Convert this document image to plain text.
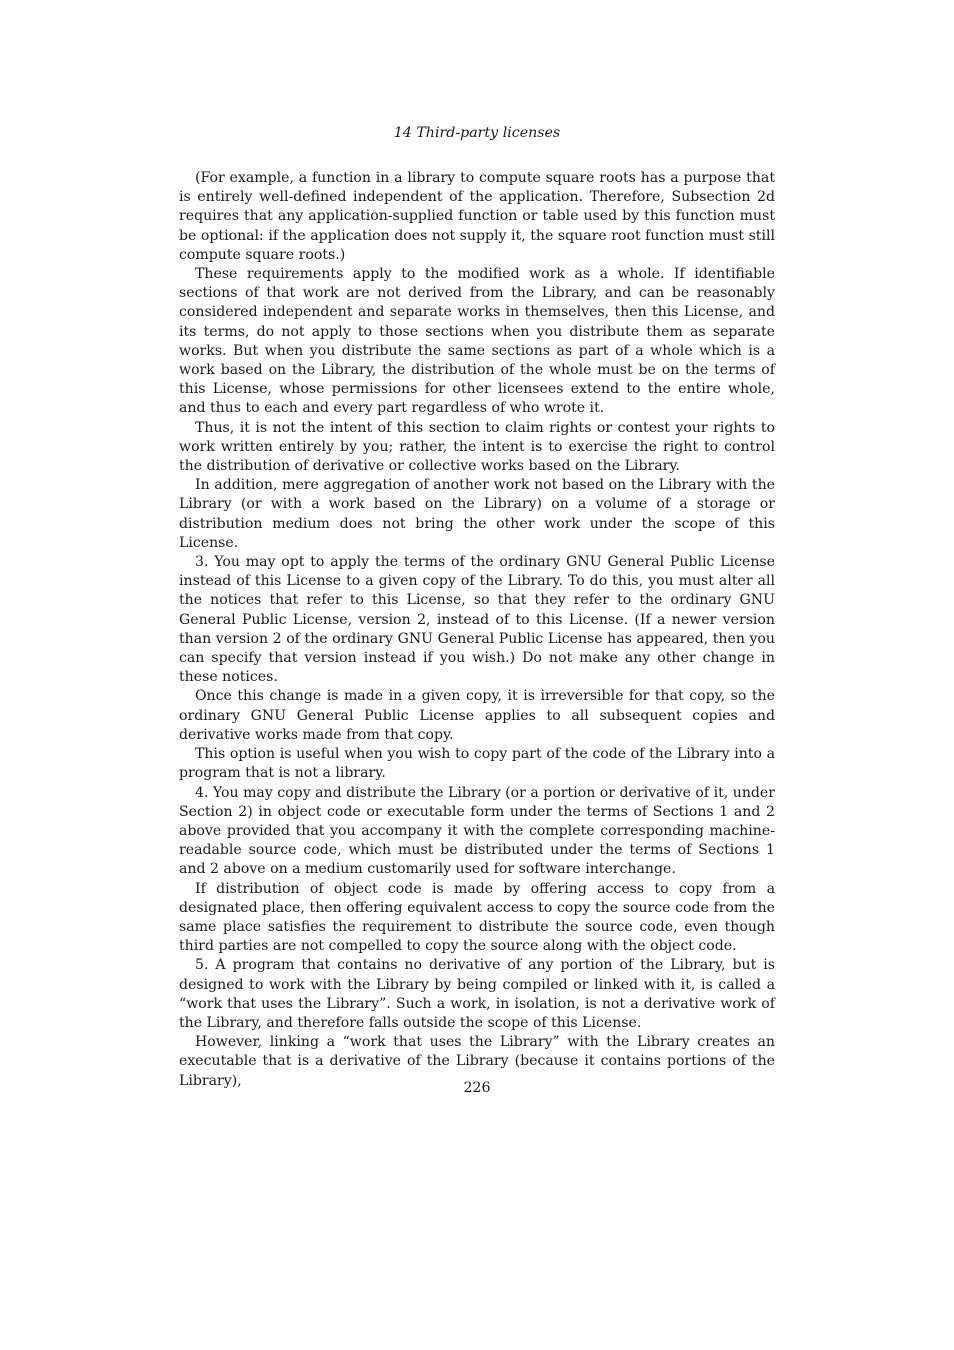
14 Third-party licenses

(For example, a function in a library to compute square roots has a purpose that is entirely well-defined independent of the application. Therefore, Subsection 2d requires that any application-supplied function or table used by this function must be optional: if the application does not supply it, the square root function must still compute square roots.)

These requirements apply to the modified work as a whole. If identifiable sections of that work are not derived from the Library, and can be reasonably considered independent and separate works in themselves, then this License, and its terms, do not apply to those sections when you distribute them as separate works. But when you distribute the same sections as part of a whole which is a work based on the Library, the distribution of the whole must be on the terms of this License, whose permissions for other licensees extend to the entire whole, and thus to each and every part regardless of who wrote it.

Thus, it is not the intent of this section to claim rights or contest your rights to work written entirely by you; rather, the intent is to exercise the right to control the distribution of derivative or collective works based on the Library.

In addition, mere aggregation of another work not based on the Library with the Library (or with a work based on the Library) on a volume of a storage or distribution medium does not bring the other work under the scope of this License.

3. You may opt to apply the terms of the ordinary GNU General Public License instead of this License to a given copy of the Library. To do this, you must alter all the notices that refer to this License, so that they refer to the ordinary GNU General Public License, version 2, instead of to this License. (If a newer version than version 2 of the ordinary GNU General Public License has appeared, then you can specify that version instead if you wish.) Do not make any other change in these notices.

Once this change is made in a given copy, it is irreversible for that copy, so the ordinary GNU General Public License applies to all subsequent copies and derivative works made from that copy.

This option is useful when you wish to copy part of the code of the Library into a program that is not a library.

4. You may copy and distribute the Library (or a portion or derivative of it, under Section 2) in object code or executable form under the terms of Sections 1 and 2 above provided that you accompany it with the complete corresponding machine-readable source code, which must be distributed under the terms of Sections 1 and 2 above on a medium customarily used for software interchange.

If distribution of object code is made by offering access to copy from a designated place, then offering equivalent access to copy the source code from the same place satisfies the requirement to distribute the source code, even though third parties are not compelled to copy the source along with the object code.

5. A program that contains no derivative of any portion of the Library, but is designed to work with the Library by being compiled or linked with it, is called a “work that uses the Library”. Such a work, in isolation, is not a derivative work of the Library, and therefore falls outside the scope of this License.

However, linking a “work that uses the Library” with the Library creates an executable that is a derivative of the Library (because it contains portions of the Library),	226
